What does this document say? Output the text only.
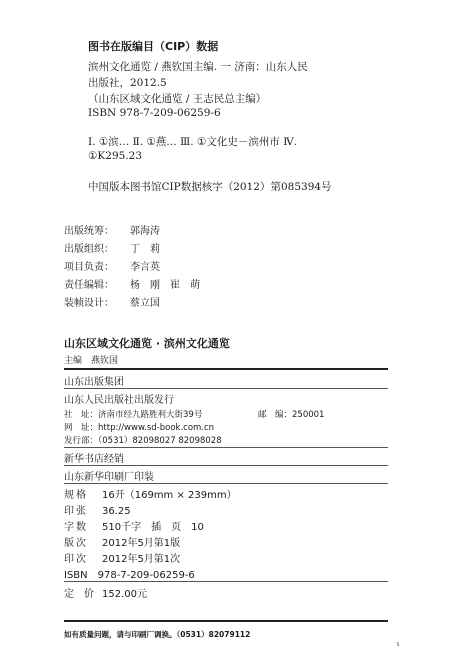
图书在版编目（CIP）数据
滨州文化通览 / 燕钦国主编. 一 济南：山东人民
出版社，2012.5
（山东区域文化通览 / 王志民总主编）
ISBN 978-7-209-06259-6
Ⅰ. ①滨… Ⅱ. ①燕… Ⅲ. ①文化史－滨州市 Ⅳ.
①K295.23
中国版本图书馆CIP数据核字（2012）第085394号
出版统筹： 郭海涛
出版组织： 丁　莉
项目负责： 李言英
责任编辑： 杨　刚　崔　萌
装帧设计： 蔡立国
山东区域文化通览 · 滨州文化通览
主编　 燕钦国
山东出版集团
山东人民出版社出版发行
社　址：济南市经九路胜利大街39号	邮　编：250001
网　址：http://www.sd-book.com.cn
发行部：（0531）82098027 82098028
新华书店经销
山东新华印刷厂印装
规格 16开（169mm × 239mm）
印张 36.25
字数 510千字　插　页　10
版次 2012年5月第1版
印次 2012年5月第1次
ISBN　978-7-209-06259-6
定　价 152.00元
如有质量问题，请与印刷厂调换。（0531）82079112
ι
